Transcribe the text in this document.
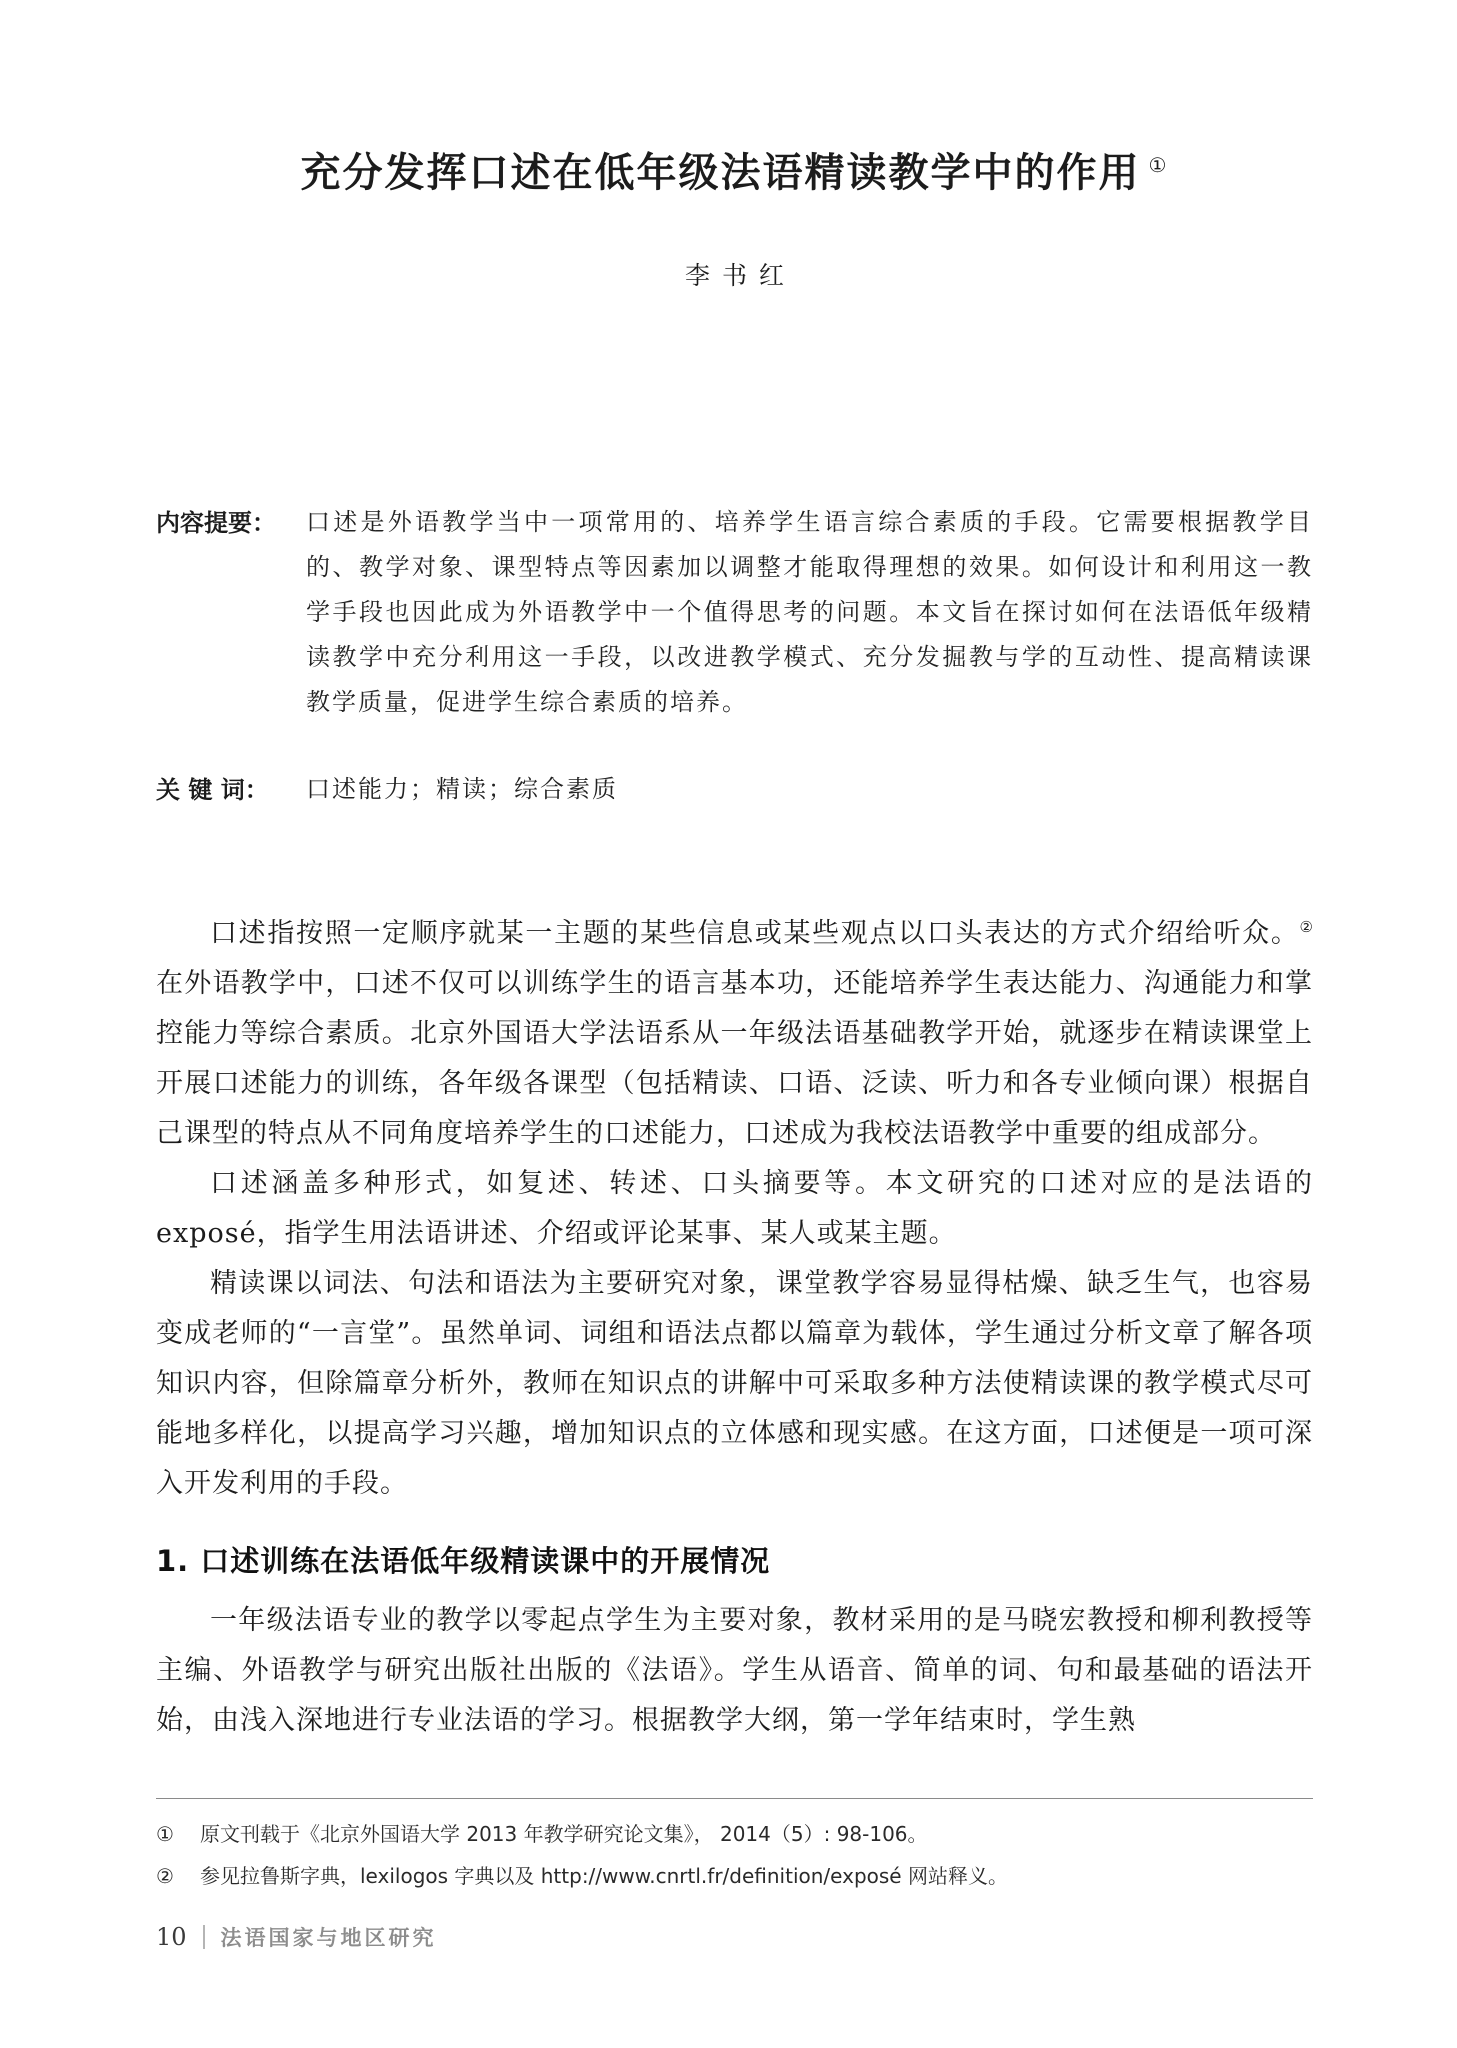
充分发挥口述在低年级法语精读教学中的作用 ①
李书红
内容提要：	口述是外语教学当中一项常用的、培养学生语言综合素质的手段。它需要根据教学目的、教学对象、课型特点等因素加以调整才能取得理想的效果。如何设计和利用这一教学手段也因此成为外语教学中一个值得思考的问题。本文旨在探讨如何在法语低年级精读教学中充分利用这一手段，以改进教学模式、充分发掘教与学的互动性、提高精读课教学质量，促进学生综合素质的培养。
关 键 词：	口述能力；精读；综合素质

口述指按照一定顺序就某一主题的某些信息或某些观点以口头表达的方式介绍给听众。②在外语教学中，口述不仅可以训练学生的语言基本功，还能培养学生表达能力、沟通能力和掌控能力等综合素质。北京外国语大学法语系从一年级法语基础教学开始，就逐步在精读课堂上开展口述能力的训练，各年级各课型（包括精读、口语、泛读、听力和各专业倾向课）根据自己课型的特点从不同角度培养学生的口述能力，口述成为我校法语教学中重要的组成部分。

口述涵盖多种形式，如复述、转述、口头摘要等。本文研究的口述对应的是法语的 exposé，指学生用法语讲述、介绍或评论某事、某人或某主题。

精读课以词法、句法和语法为主要研究对象，课堂教学容易显得枯燥、缺乏生气，也容易变成老师的“一言堂”。虽然单词、词组和语法点都以篇章为载体，学生通过分析文章了解各项知识内容，但除篇章分析外，教师在知识点的讲解中可采取多种方法使精读课的教学模式尽可能地多样化，以提高学习兴趣，增加知识点的立体感和现实感。在这方面，口述便是一项可深入开发利用的手段。

1. 口述训练在法语低年级精读课中的开展情况

一年级法语专业的教学以零起点学生为主要对象，教材采用的是马晓宏教授和柳利教授等主编、外语教学与研究出版社出版的《法语》。学生从语音、简单的词、句和最基础的语法开始，由浅入深地进行专业法语的学习。根据教学大纲，第一学年结束时，学生熟

①	原文刊载于《北京外国语大学 2013 年教学研究论文集》， 2014（5）: 98-106。
②	参见拉鲁斯字典，lexilogos 字典以及 http://www.cnrtl.fr/definition/exposé 网站释义。
10 法语国家与地区研究
